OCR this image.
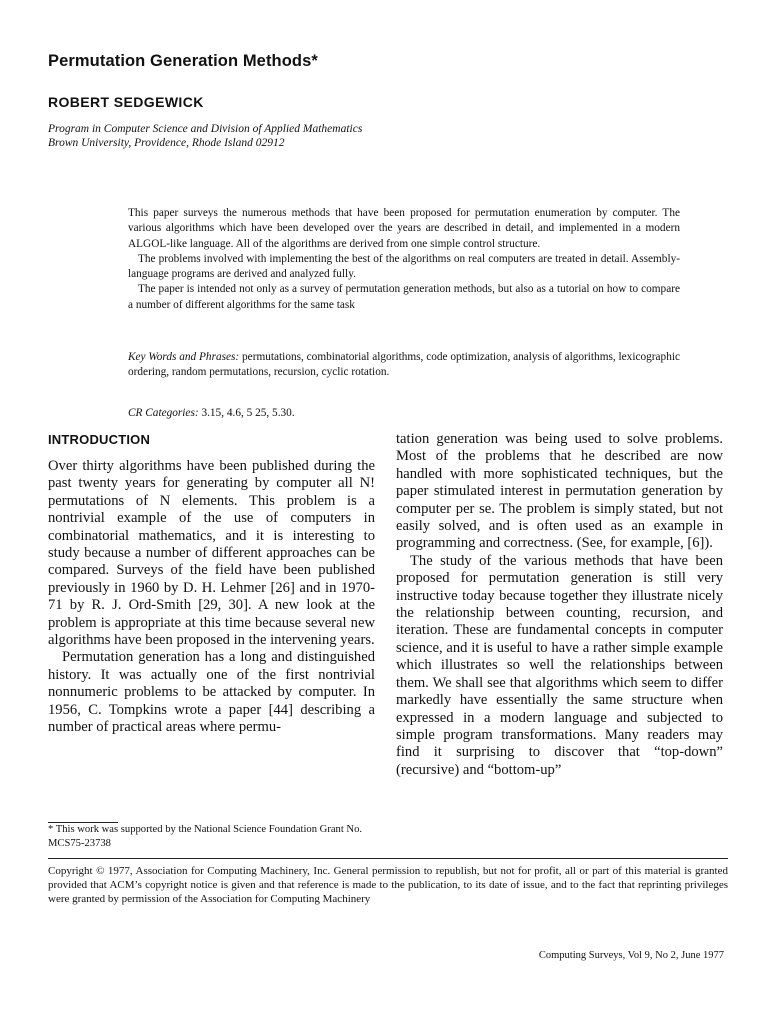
Permutation Generation Methods*
ROBERT SEDGEWICK
Program in Computer Science and Division of Applied Mathematics
Brown University, Providence, Rhode Island 02912

This paper surveys the numerous methods that have been proposed for permutation enumeration by computer. The various algorithms which have been developed over the years are described in detail, and implemented in a modern ALGOL-like language. All of the algorithms are derived from one simple control structure.

The problems involved with implementing the best of the algorithms on real computers are treated in detail. Assembly-language programs are derived and analyzed fully.

The paper is intended not only as a survey of permutation generation methods, but also as a tutorial on how to compare a number of different algorithms for the same task

Key Words and Phrases: permutations, combinatorial algorithms, code optimization, analysis of algorithms, lexicographic ordering, random permutations, recursion, cyclic rotation.

CR Categories: 3.15, 4.6, 5 25, 5.30.

INTRODUCTION

Over thirty algorithms have been published during the past twenty years for generating by computer all N! permutations of N elements. This problem is a nontrivial example of the use of computers in combinatorial mathematics, and it is interesting to study because a number of different approaches can be compared. Surveys of the field have been published previously in 1960 by D. H. Lehmer [26] and in 1970-71 by R. J. Ord-Smith [29, 30]. A new look at the problem is appropriate at this time because several new algorithms have been proposed in the intervening years.

Permutation generation has a long and distinguished history. It was actually one of the first nontrivial nonnumeric problems to be attacked by computer. In 1956, C. Tompkins wrote a paper [44] describing a number of practical areas where permu-

tation generation was being used to solve problems. Most of the problems that he described are now handled with more sophisticated techniques, but the paper stimulated interest in permutation generation by computer per se. The problem is simply stated, but not easily solved, and is often used as an example in programming and correctness. (See, for example, [6]).

The study of the various methods that have been proposed for permutation generation is still very instructive today because together they illustrate nicely the relationship between counting, recursion, and iteration. These are fundamental concepts in computer science, and it is useful to have a rather simple example which illustrates so well the relationships between them. We shall see that algorithms which seem to differ markedly have essentially the same structure when expressed in a modern language and subjected to simple program transformations. Many readers may find it surprising to discover that “top-down” (recursive) and “bottom-up”

* This work was supported by the National Science Foundation Grant No. MCS75-23738
Copyright © 1977, Association for Computing Machinery, Inc. General permission to republish, but not for profit, all or part of this material is granted provided that ACM’s copyright notice is given and that reference is made to the publication, to its date of issue, and to the fact that reprinting privileges were granted by permission of the Association for Computing Machinery
Computing Surveys, Vol 9, No 2, June 1977
